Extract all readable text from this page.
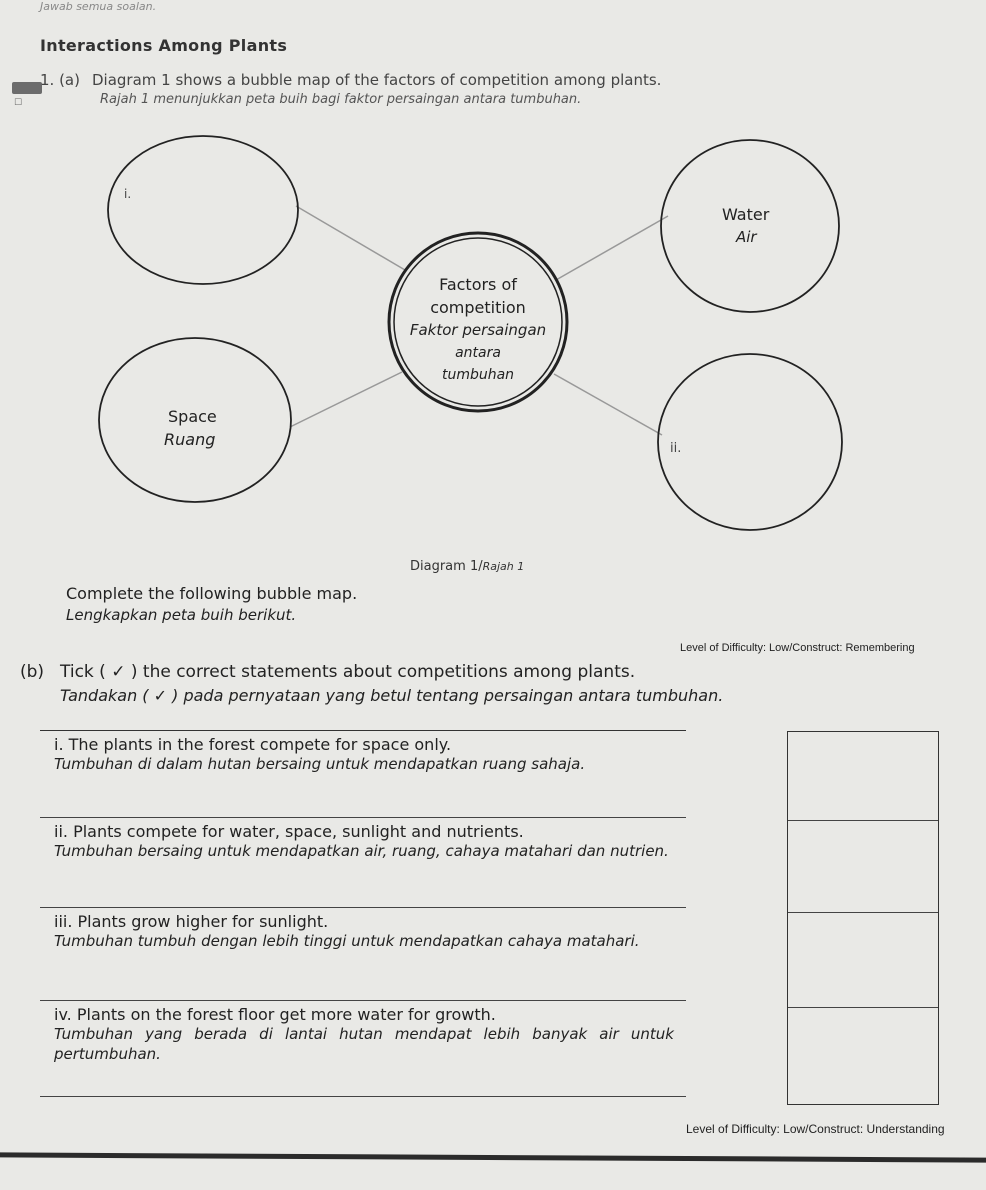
Jawab semua soalan.
Interactions Among Plants
☐
1. (a) Diagram 1 shows a bubble map of the factors of competition among plants.
Rajah 1 menunjukkan peta buih bagi faktor persaingan antara tumbuhan.
Factors of
competition
Faktor persaingan
antara
tumbuhan
i.
Water
Air
Space
Ruang	ii.
Diagram 1/Rajah 1
Complete the following bubble map.
Lengkapkan peta buih berikut.
Level of Difficulty: Low/Construct: Remembering
(b) Tick ( ✓ ) the correct statements about competitions among plants.
Tandakan ( ✓ ) pada pernyataan yang betul tentang persaingan antara tumbuhan.
i. The plants in the forest compete for space only.
Tumbuhan di dalam hutan bersaing untuk mendapatkan ruang sahaja.
ii. Plants compete for water, space, sunlight and nutrients.
Tumbuhan bersaing untuk mendapatkan air, ruang, cahaya matahari dan nutrien.
iii. Plants grow higher for sunlight.
Tumbuhan tumbuh dengan lebih tinggi untuk mendapatkan cahaya matahari.
iv. Plants on the forest floor get more water for growth.
Tumbuhan yang berada di lantai hutan mendapat lebih banyak air untuk pertumbuhan.
Level of Difficulty: Low/Construct: Understanding
